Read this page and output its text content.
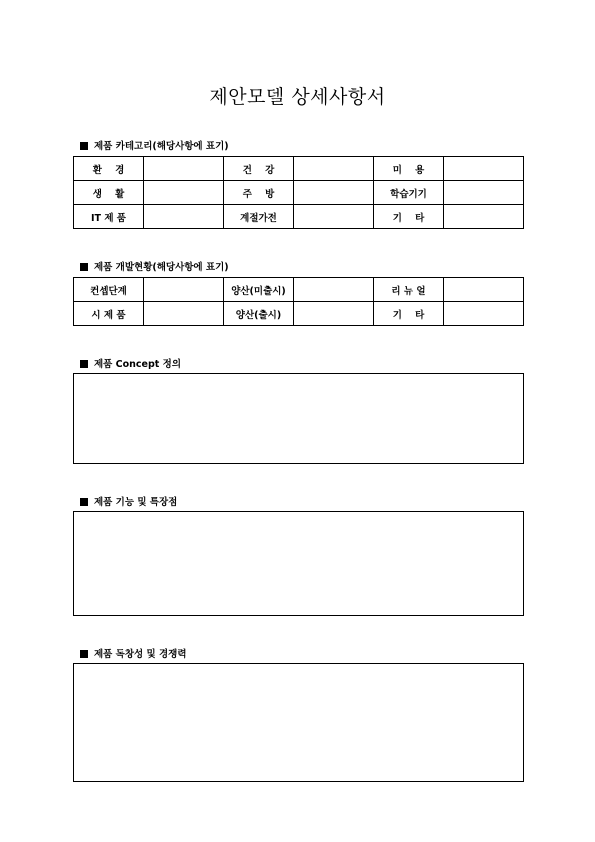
제안모델 상세사항서
제품 카테고리(해당사항에 표기)
환    경		건    강		미    용	
생    활		주    방		학습기기	
IT 제 품		계절가전		기    타	
제품 개발현황(해당사항에 표기)
컨셉단계		양산(미출시)		리 뉴 얼	
시 제 품		양산(출시)		기    타	
제품 Concept 정의
제품 기능 및 특장점
제품 독창성 및 경쟁력
